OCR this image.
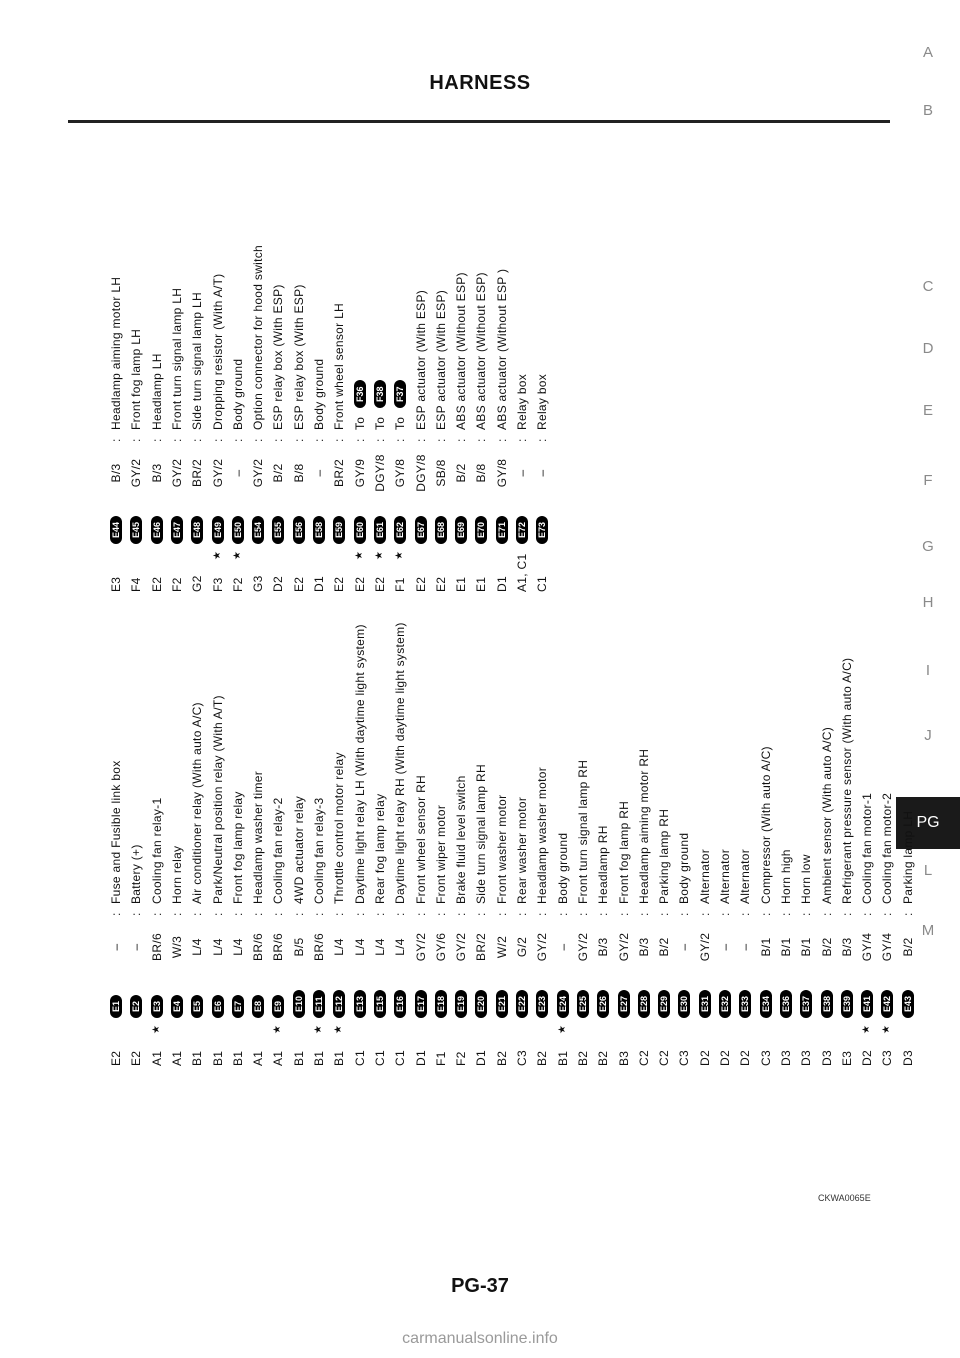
HARNESS
A
B
C
D
E
F
G
H
I
J
PG
L
M
E2
E1
–
:
Fuse and Fusible link box
E2
E2
–
:
Battery (+)
A1
★
E3
BR/6
:
Cooling fan relay-1
A1
E4
W/3
:
Horn relay
B1
E5
L/4
:
Air conditioner relay (With auto A/C)
B1
E6
L/4
:
Park/Neutral position relay (With A/T)
B1
E7
L/4
:
Front fog lamp relay
A1
E8
BR/6
:
Headlamp washer timer
A1
★
E9
BR/6
:
Cooling fan relay-2
B1
E10
B/5
:
4WD actuator relay
B1
★
E11
BR/6
:
Cooling fan relay-3
B1
★
E12
L/4
:
Throttle control motor relay
C1
E13
L/4
:
Daytime light relay LH (With daytime light system)
C1
E15
L/4
:
Rear fog lamp relay
C1
E16
L/4
:
Daytime light relay RH (With daytime light system)
D1
E17
GY/2
:
Front wheel sensor RH
F1
E18
GY/6
:
Front wiper motor
F2
E19
GY/2
:
Brake fluid level switch
D1
E20
BR/2
:
Side turn signal lamp RH
B2
E21
W/2
:
Front washer motor
C3
E22
G/2
:
Rear washer motor
B2
E23
GY/2
:
Headlamp washer motor
B1
★
E24
–
:
Body ground
B2
E25
GY/2
:
Front turn signal lamp RH
B2
E26
B/3
:
Headlamp RH
B3
E27
GY/2
:
Front fog lamp RH
C2
E28
B/3
:
Headlamp aiming motor RH
C2
E29
B/2
:
Parking lamp RH
C3
E30
–
:
Body ground
D2
E31
GY/2
:
Alternator
D2
E32
–
:
Alternator
D2
E33
–
:
Alternator
C3
E34
B/1
:
Compressor (With auto A/C)
D3
E36
B/1
:
Horn high
D3
E37
B/1
:
Horn low
D3
E38
B/2
:
Ambient sensor (With auto A/C)
E3
E39
B/3
:
Refrigerant pressure sensor (With auto A/C)
D2
★
E41
GY/4
:
Cooling fan motor-1
C3
★
E42
GY/4
:
Cooling fan motor-2
D3
E43
B/2
:
Parking lamp LH
E3
E44
B/3
:
Headlamp aiming motor LH
F4
E45
GY/2
:
Front fog lamp LH
E2
E46
B/3
:
Headlamp LH
F2
E47
GY/2
:
Front turn signal lamp LH
G2
E48
BR/2
:
Side turn signal lamp LH
F3
★
E49
GY/2
:
Dropping resistor (With A/T)
F2
★
E50
–
:
Body ground
G3
E54
GY/2
:
Option connector for hood switch
D2
E55
B/2
:
ESP relay box (With ESP)
E2
E56
B/8
:
ESP relay box (With ESP)
D1
E58
–
:
Body ground
E2
E59
BR/2
:
Front wheel sensor LH
E2
★
E60
GY/9
:
To
F36
E2
★
E61
DGY/8
:
To
F38
F1
★
E62
GY/8
:
To
F37
E2
E67
DGY/8
:
ESP actuator (With ESP)
E2
E68
SB/8
:
ESP actuator (With ESP)
E1
E69
B/2
:
ABS actuator (Without ESP)
E1
E70
B/8
:
ABS actuator (Without ESP)
D1
E71
GY/8
:
ABS actuator (Without ESP )
A1, C1
E72
–
:
Relay box
C1
E73
–
:
Relay box
CKWA0065E
PG-37
carmanualsonline.info
